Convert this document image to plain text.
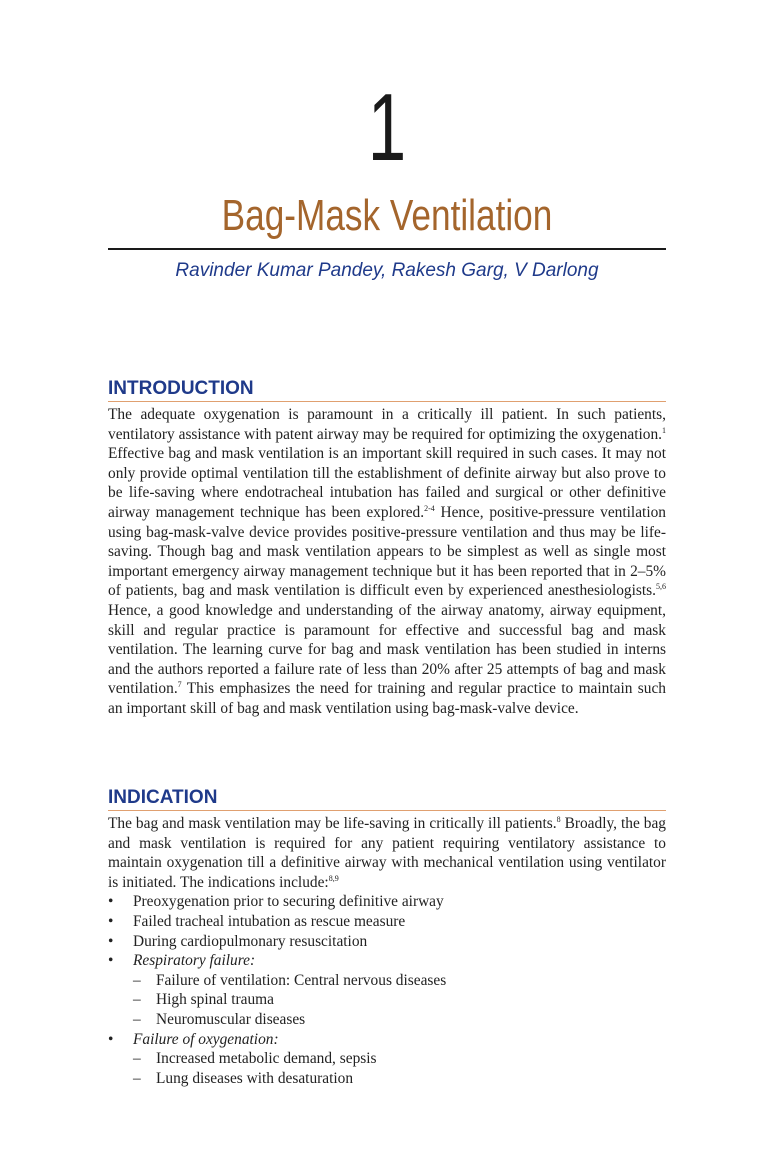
1
Bag-Mask Ventilation
Ravinder Kumar Pandey, Rakesh Garg, V Darlong
INTRODUCTION

The adequate oxygenation is paramount in a critically ill patient. In such patients, ventilatory assistance with patent airway may be required for optimizing the oxygenation.$^1$ Effective bag and mask ventilation is an important skill required in such cases. It may not only provide optimal ventilation till the establishment of definite airway but also prove to be life-saving where endotracheal intubation has failed and surgical or other definitive airway management technique has been explored.$^{2-4}$ Hence, positive-pressure ventilation using bag-mask-valve device provides positive-pressure ventilation and thus may be life-saving. Though bag and mask ventilation appears to be simplest as well as single most important emergency airway management technique but it has been reported that in 2–5% of patients, bag and mask ventilation is difficult even by experienced anesthesiologists.$^{5,6}$ Hence, a good knowledge and understanding of the airway anatomy, airway equipment, skill and regular practice is paramount for effective and successful bag and mask ventilation. The learning curve for bag and mask ventilation has been studied in interns and the authors reported a failure rate of less than 20% after 25 attempts of bag and mask ventilation.$^7$ This emphasizes the need for training and regular practice to maintain such an important skill of bag and mask ventilation using bag-mask-valve device.

INDICATION

The bag and mask ventilation may be life-saving in critically ill patients.$^8$ Broadly, the bag and mask ventilation is required for any patient requiring ventilatory assistance to maintain oxygenation till a definitive airway with mechanical ventilation using ventilator is initiated. The indications include:$^{8,9}$

• Preoxygenation prior to securing definitive airway
• Failed tracheal intubation as rescue measure
• During cardiopulmonary resuscitation
• Respiratory failure:
– Failure of ventilation: Central nervous diseases
– High spinal trauma
– Neuromuscular diseases
• Failure of oxygenation:
– Increased metabolic demand, sepsis
– Lung diseases with desaturation
